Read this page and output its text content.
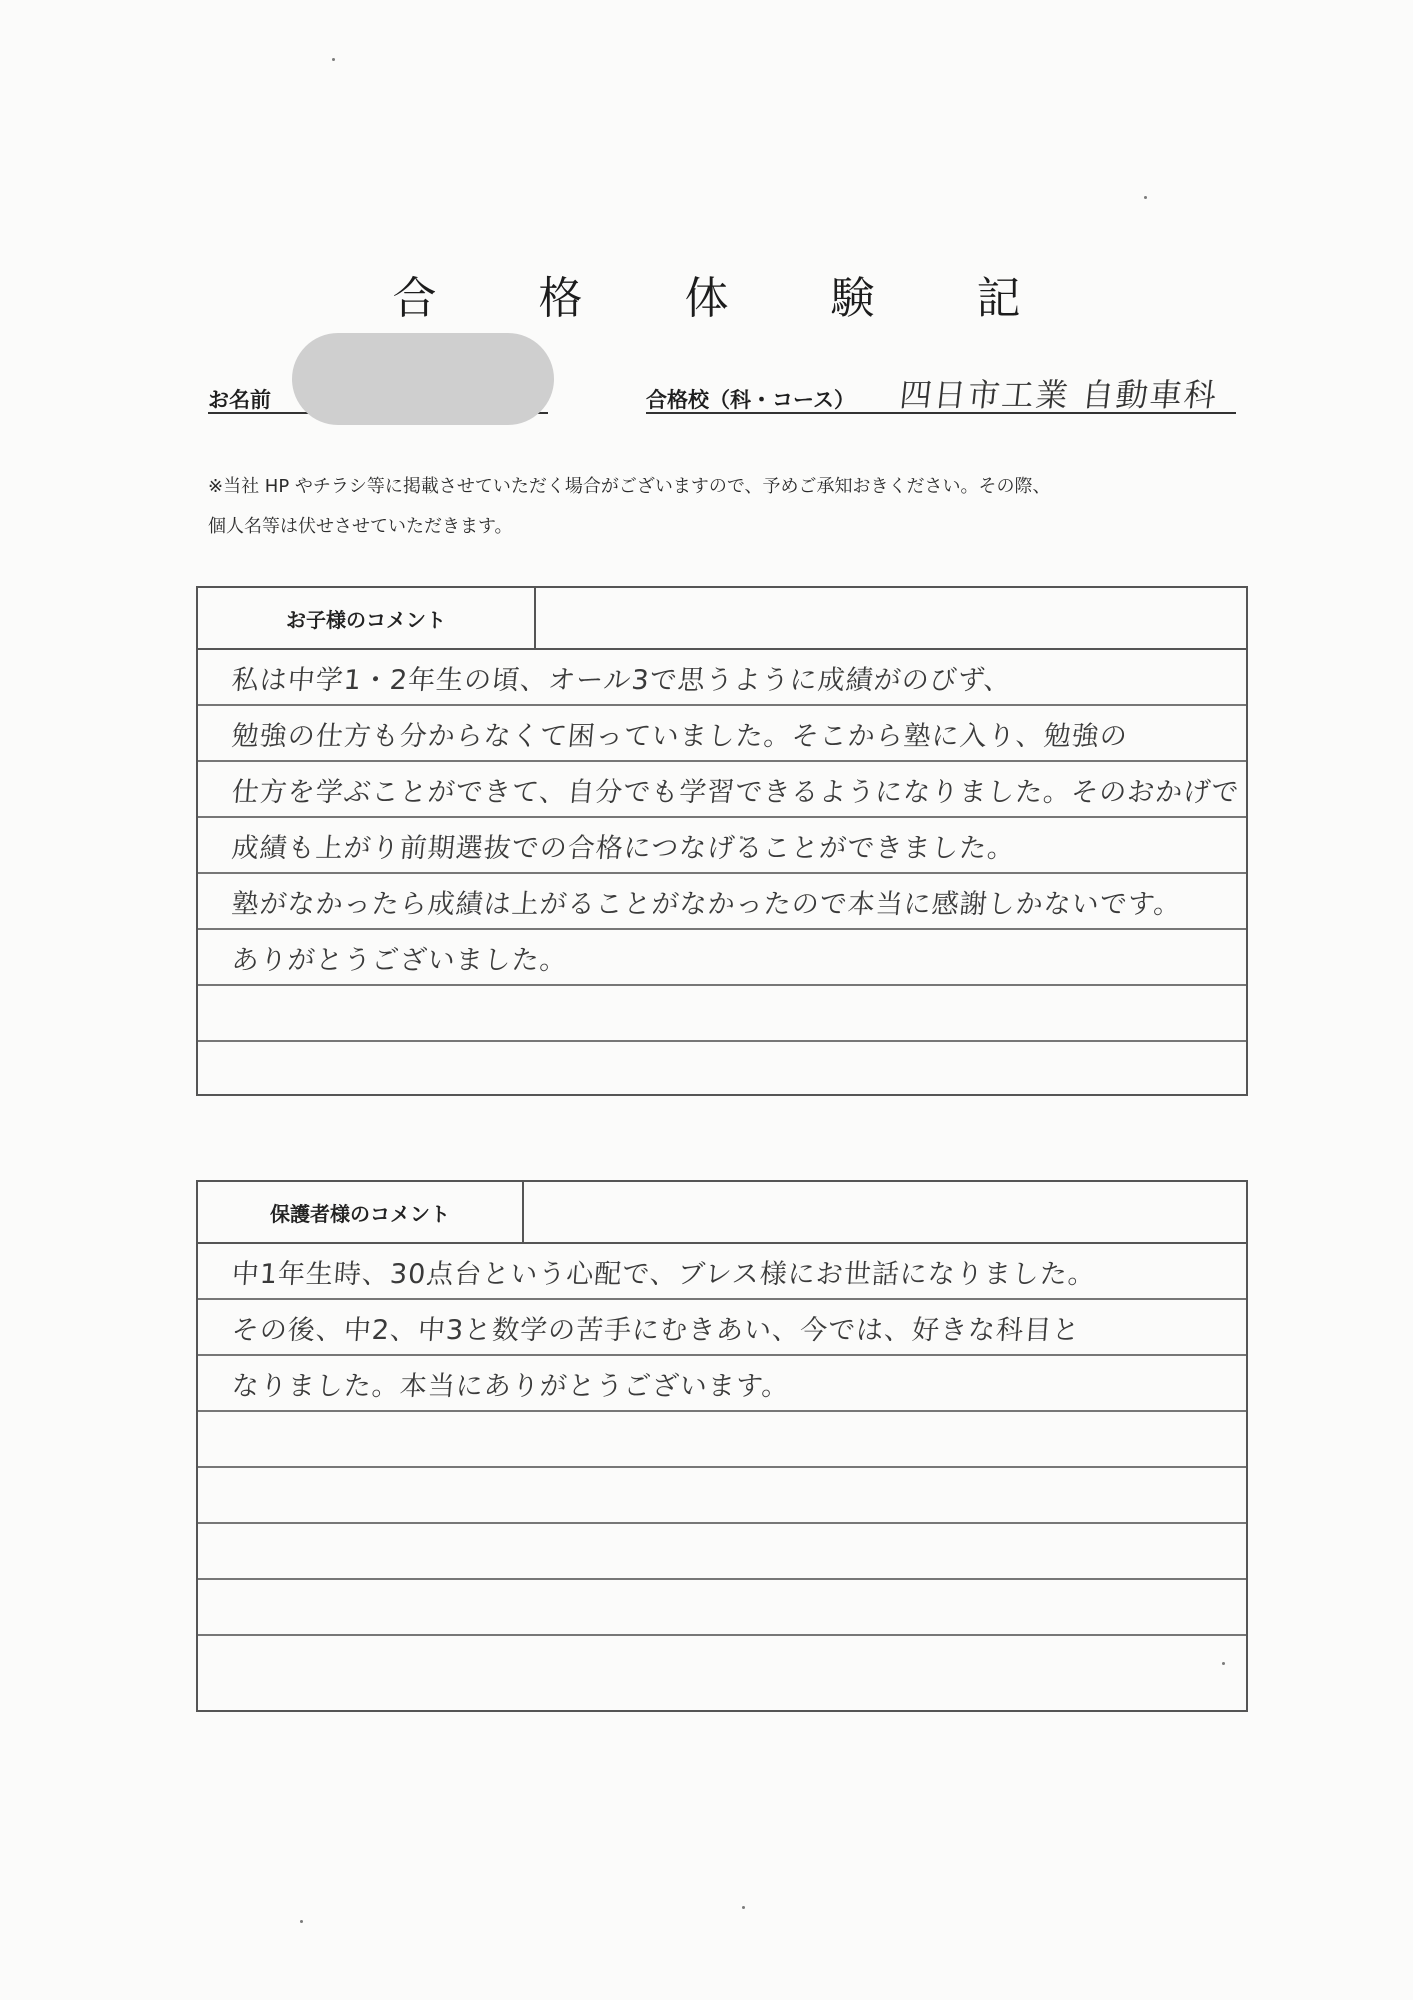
合 格 体 験 記
お名前	合格校（科・コース） 四日市工業 自動車科
※当社 HP やチラシ等に掲載させていただく場合がございますので、予めご承知おきください。その際、
個人名等は伏せさせていただきます。
お子様のコメント
私は中学1・2年生の頃、オール3で思うように成績がのびず、
勉強の仕方も分からなくて困っていました。そこから塾に入り、勉強の
仕方を学ぶことができて、自分でも学習できるようになりました。そのおかげで
成績も上がり前期選抜での合格につなげることができました。
塾がなかったら成績は上がることがなかったので本当に感謝しかないです。
ありがとうございました。
保護者様のコメント
中1年生時、30点台という心配で、ブレス様にお世話になりました。
その後、中2、中3と数学の苦手にむきあい、今では、好きな科目と
なりました。本当にありがとうございます。
